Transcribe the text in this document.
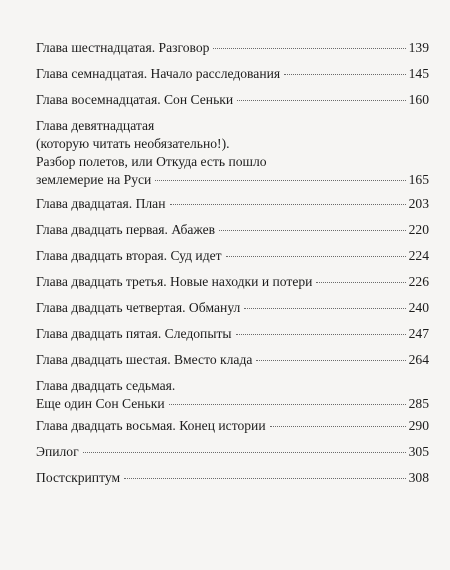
Глава шестнадцатая. Разговор	139
Глава семнадцатая. Начало расследования	145
Глава восемнадцатая. Сон Сеньки	160
Глава девятнадцатая
(которую читать необязательно!).
Разбор полетов, или Откуда есть пошло
землемерие на Руси	165
Глава двадцатая. План	203
Глава двадцать первая. Абажев	220
Глава двадцать вторая. Суд идет	224
Глава двадцать третья. Новые находки и потери	226
Глава двадцать четвертая. Обманул	240
Глава двадцать пятая. Следопыты	247
Глава двадцать шестая. Вместо клада	264
Глава двадцать седьмая.
Еще один Сон Сеньки	285
Глава двадцать восьмая. Конец истории	290
Эпилог	305
Постскриптум	308
